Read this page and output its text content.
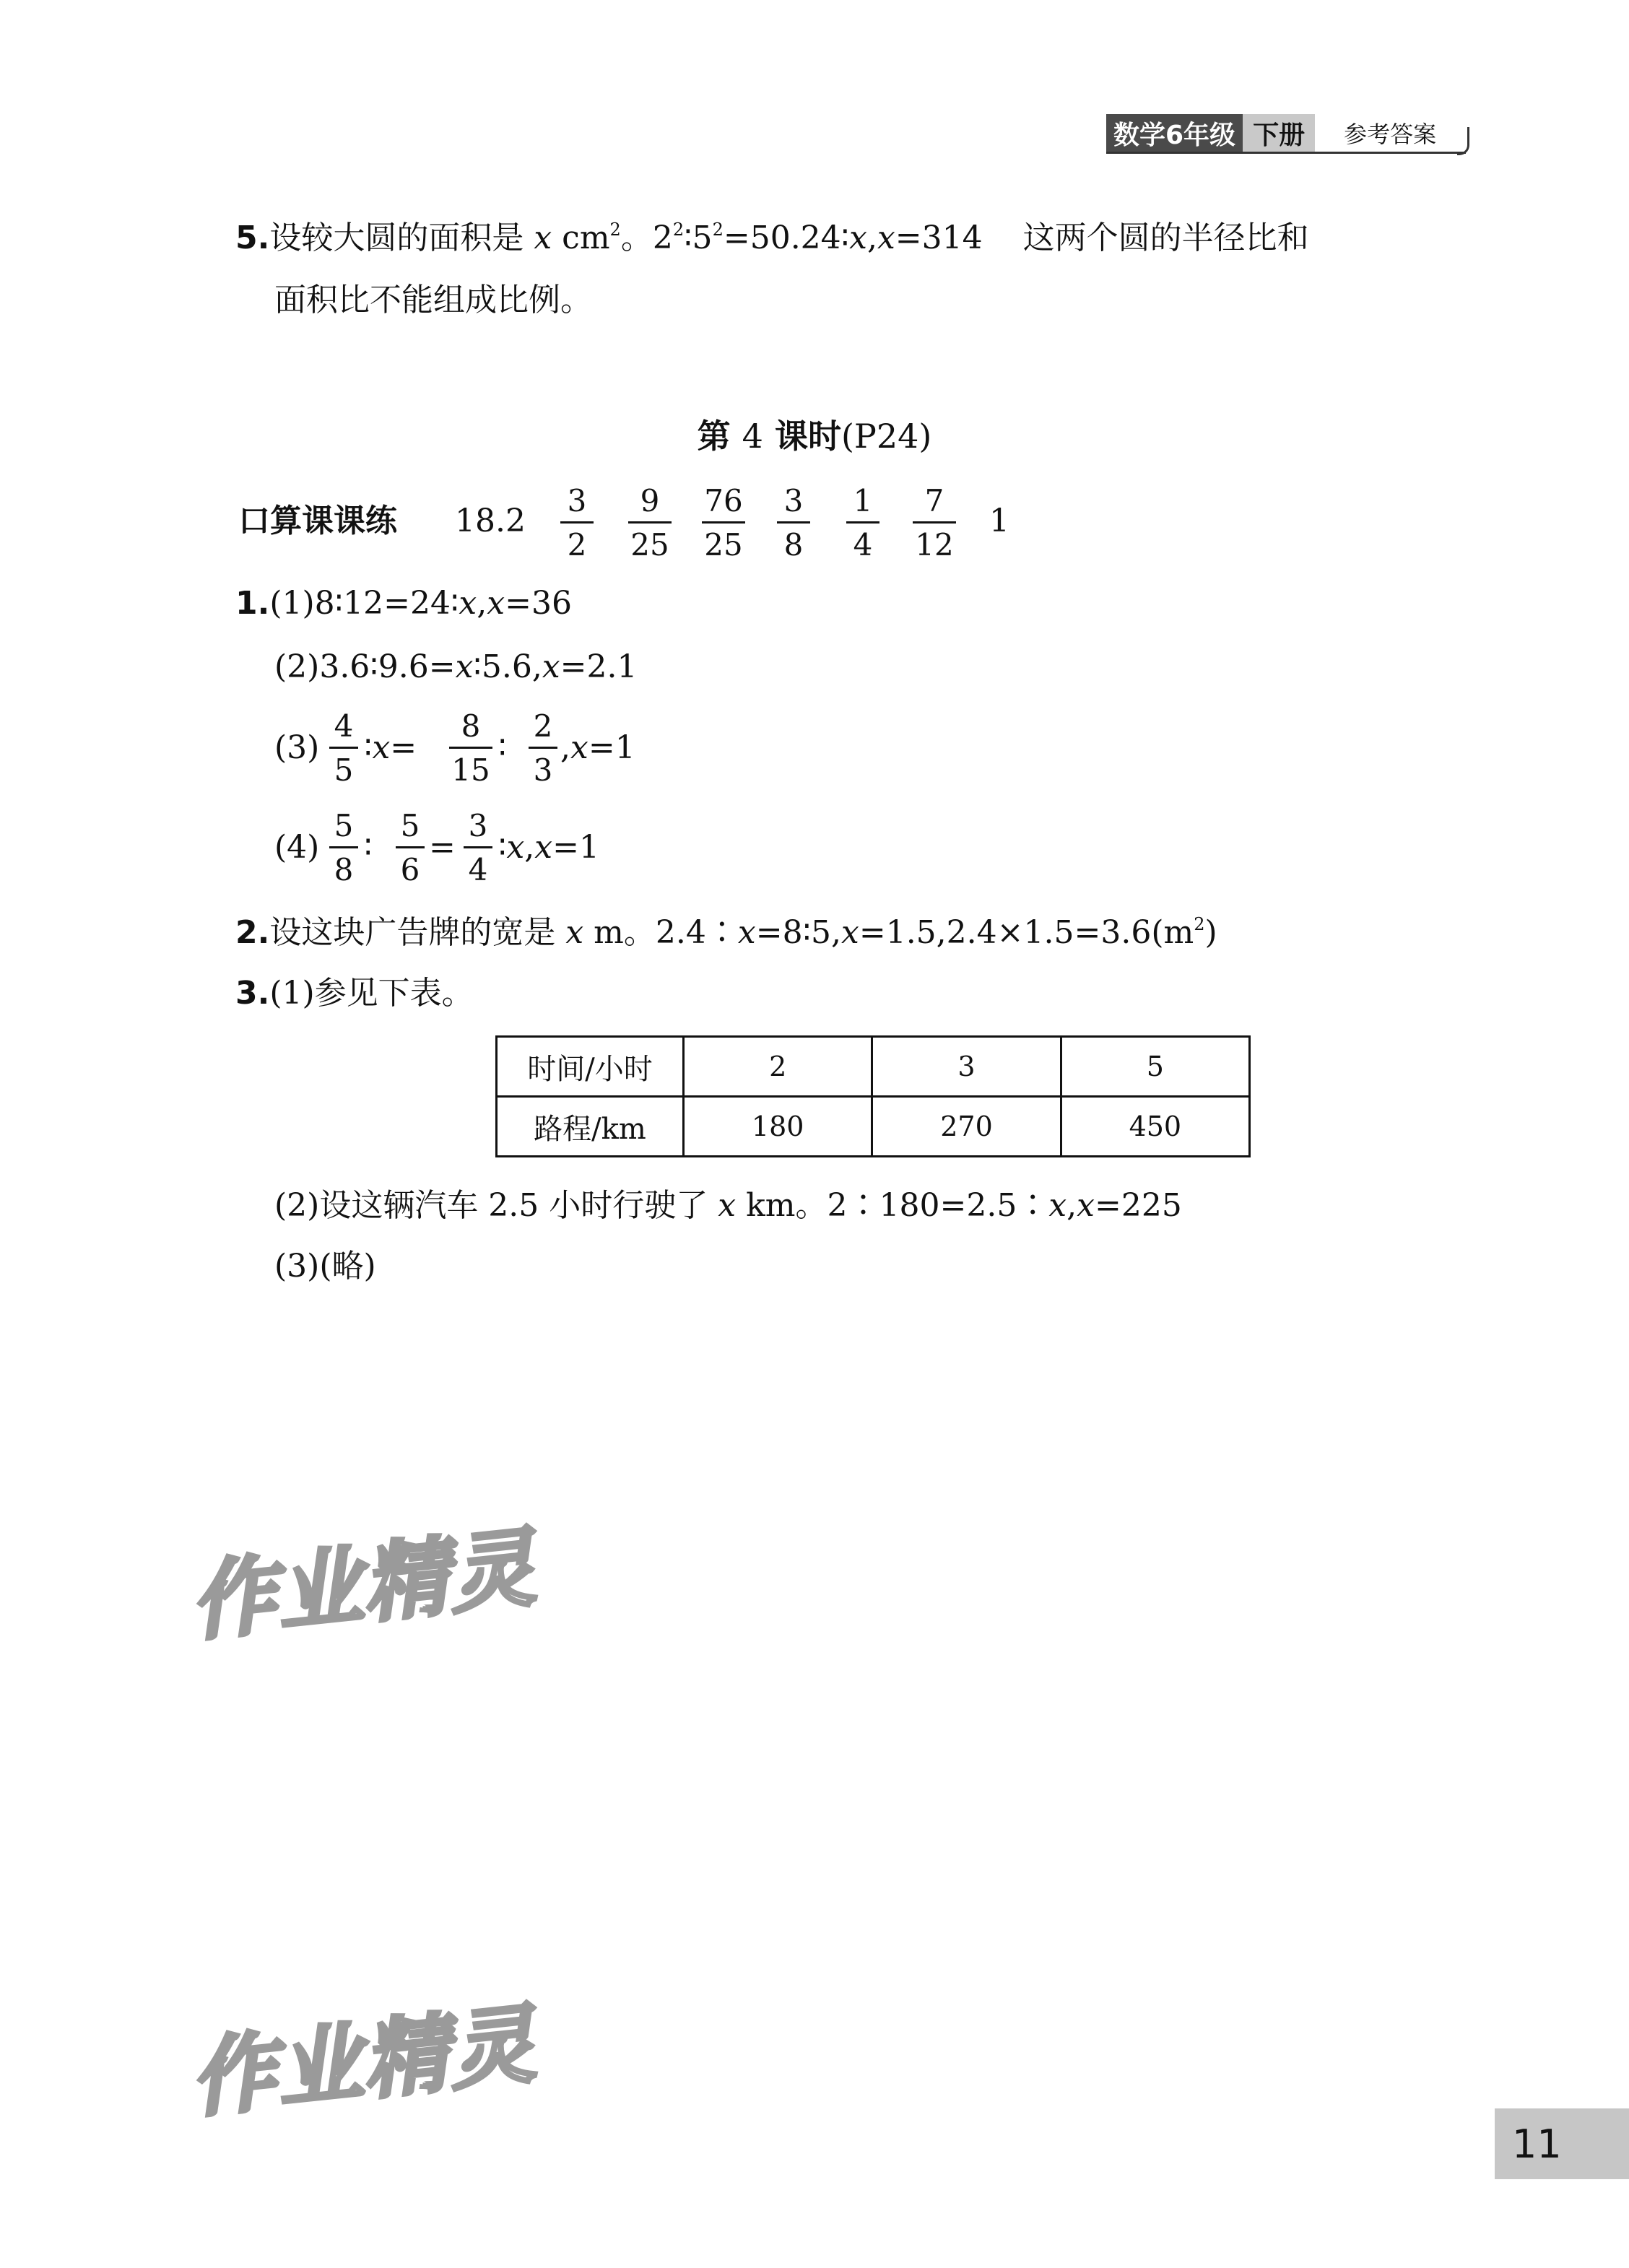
数学6年级 下册	参考答案
5.设较大圆的面积是 x $cm^2$。$2^2∶5^2=50.24∶x,x=314$ 这两个圆的半径比和
面积比不能组成比例。
第 4 课时(P24)
口算课课练 18.2
3
2
9
25
76
25
3
8
1
4
7
12
1
1.(1)8∶12=24∶x,x=36
(2)3.6∶9.6=x∶5.6,x=2.1
(3)
4
5
∶x=
8
15
∶
2
3
,x=1
(4)
5
8
∶
5
6
=
3
4
∶x,x=1
2.设这块广告牌的宽是 x m。$2.4∶x=8∶5,x=1.5,2.4\times 1.5=3.6(m^2)$
3.(1)参见下表。
时间/小时	2	3	5
路程/km	180	270	450
(2)设这辆汽车 2.5 小时行驶了 x km。2∶180=2.5∶x,x=225
(3)(略)
作业精灵
作业精灵
11
